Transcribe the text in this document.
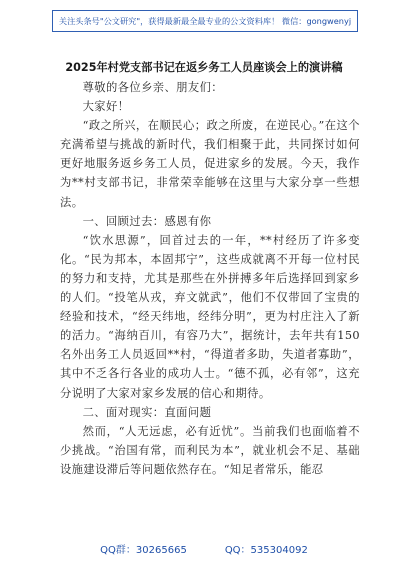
关注头条号"公文研究"，获得最新最全最专业的公文资料库！ 微信：gongwenyj
2025年村党支部书记在返乡务工人员座谈会上的演讲稿

尊敬的各位乡亲、朋友们：

大家好！

“政之所兴，在顺民心；政之所废，在逆民心。”在这个充满希望与挑战的新时代，我们相聚于此，共同探讨如何更好地服务返乡务工人员，促进家乡的发展。今天，我作为**村支部书记，非常荣幸能够在这里与大家分享一些想法。

一、回顾过去：感恩有你

“饮水思源”，回首过去的一年，**村经历了许多变化。“民为邦本，本固邦宁”，这些成就离不开每一位村民的努力和支持，尤其是那些在外拼搏多年后选择回到家乡的人们。“投笔从戎，弃文就武”，他们不仅带回了宝贵的经验和技术，“经天纬地，经纬分明”，更为村庄注入了新的活力。“海纳百川，有容乃大”，据统计，去年共有150名外出务工人员返回**村，“得道者多助，失道者寡助”，其中不乏各行各业的成功人士。“德不孤，必有邻”，这充分说明了大家对家乡发展的信心和期待。

二、面对现实：直面问题

然而，“人无远虑，必有近忧”。当前我们也面临着不少挑战。“治国有常，而利民为本”，就业机会不足、基础设施建设滞后等问题依然存在。“知足者常乐，能忍

QQ群：30265665	QQ：535304092
